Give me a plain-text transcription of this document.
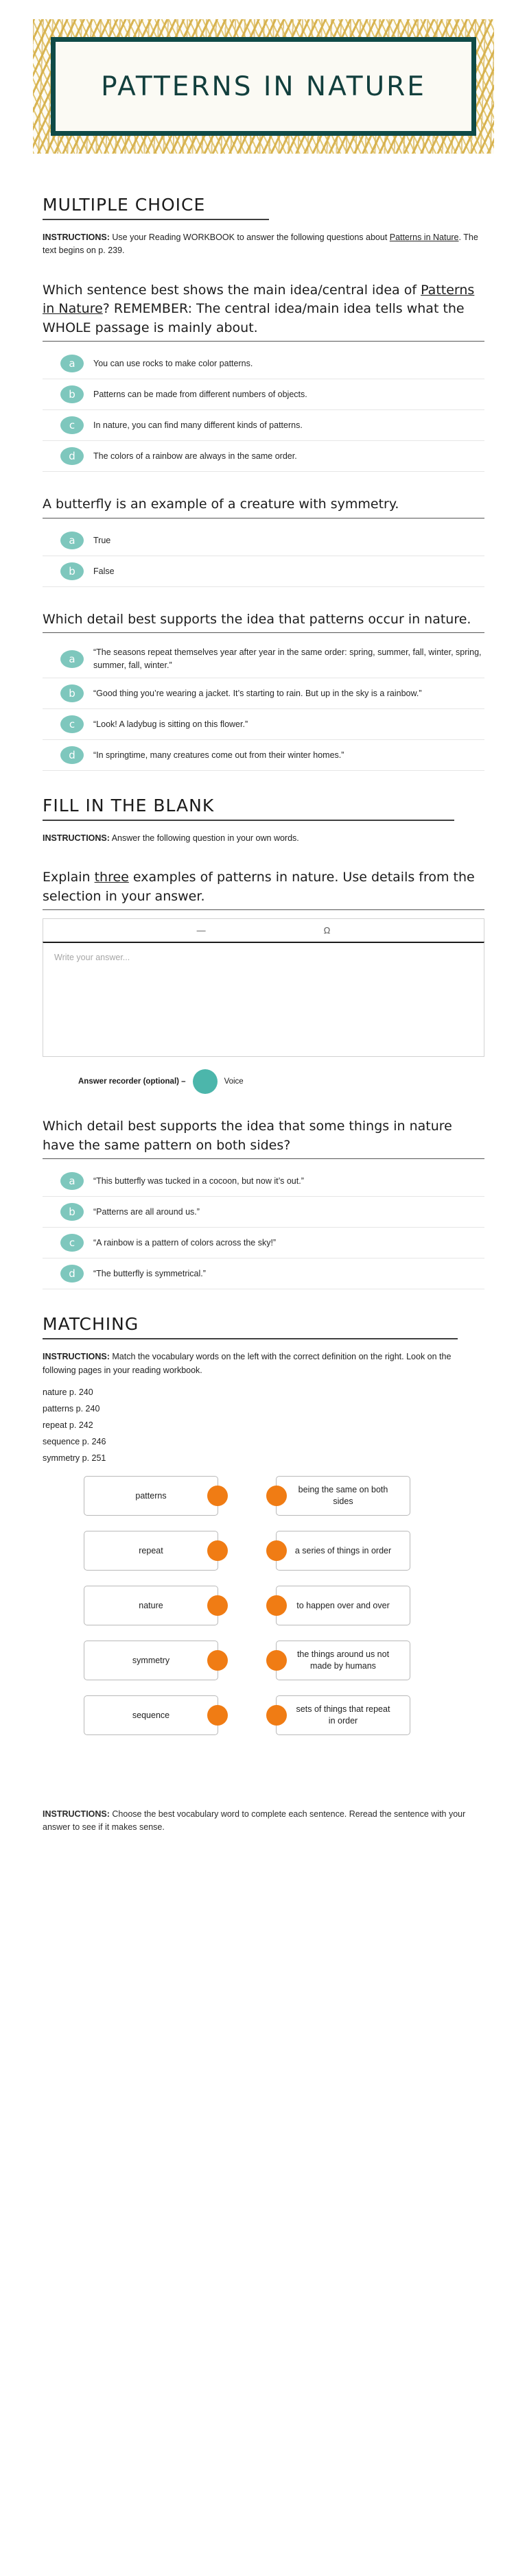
PATTERNS IN NATURE
MULTIPLE CHOICE

INSTRUCTIONS: Use your Reading WORKBOOK to answer the following questions about Patterns in Nature. The text begins on p. 239.

Which sentence best shows the main idea/central idea of Patterns in Nature? REMEMBER: The central idea/main idea tells what the WHOLE passage is mainly about.
a	You can use rocks to make color patterns.
b	Patterns can be made from different numbers of objects.
c	In nature, you can find many different kinds of patterns.
d	The colors of a rainbow are always in the same order.
A butterfly is an example of a creature with symmetry.
a	True
b	False
Which detail best supports the idea that patterns occur in nature.
a
“The seasons repeat themselves year after year in the same order: spring, summer, fall, winter, spring, summer, fall, winter.”
b	“Good thing you’re wearing a jacket. It’s starting to rain. But up in the sky is a rainbow.”
c	“Look! A ladybug is sitting on this flower.”
d	“In springtime, many creatures come out from their winter homes.”
FILL IN THE BLANK

INSTRUCTIONS: Answer the following question in your own words.

Explain three examples of patterns in nature. Use details from the selection in your answer.
―	Ω
Write your answer...
Answer recorder (optional) –	Voice
Which detail best supports the idea that some things in nature have the same pattern on both sides?
a	“This butterfly was tucked in a cocoon, but now it’s out.”
b	“Patterns are all around us.”
c	“A rainbow is a pattern of colors across the sky!”
d	“The butterfly is symmetrical.”
MATCHING

INSTRUCTIONS: Match the vocabulary words on the left with the correct definition on the right. Look on the following pages in your reading workbook.

nature p. 240
patterns p. 240
repeat p. 242
sequence p. 246
symmetry p. 251
patterns
repeat
nature
symmetry
sequence
being the same on both sides
a series of things in order
to happen over and over
the things around us not made by humans
sets of things that repeat in order

INSTRUCTIONS: Choose the best vocabulary word to complete each sentence. Reread the sentence with your answer to see if it makes sense.
